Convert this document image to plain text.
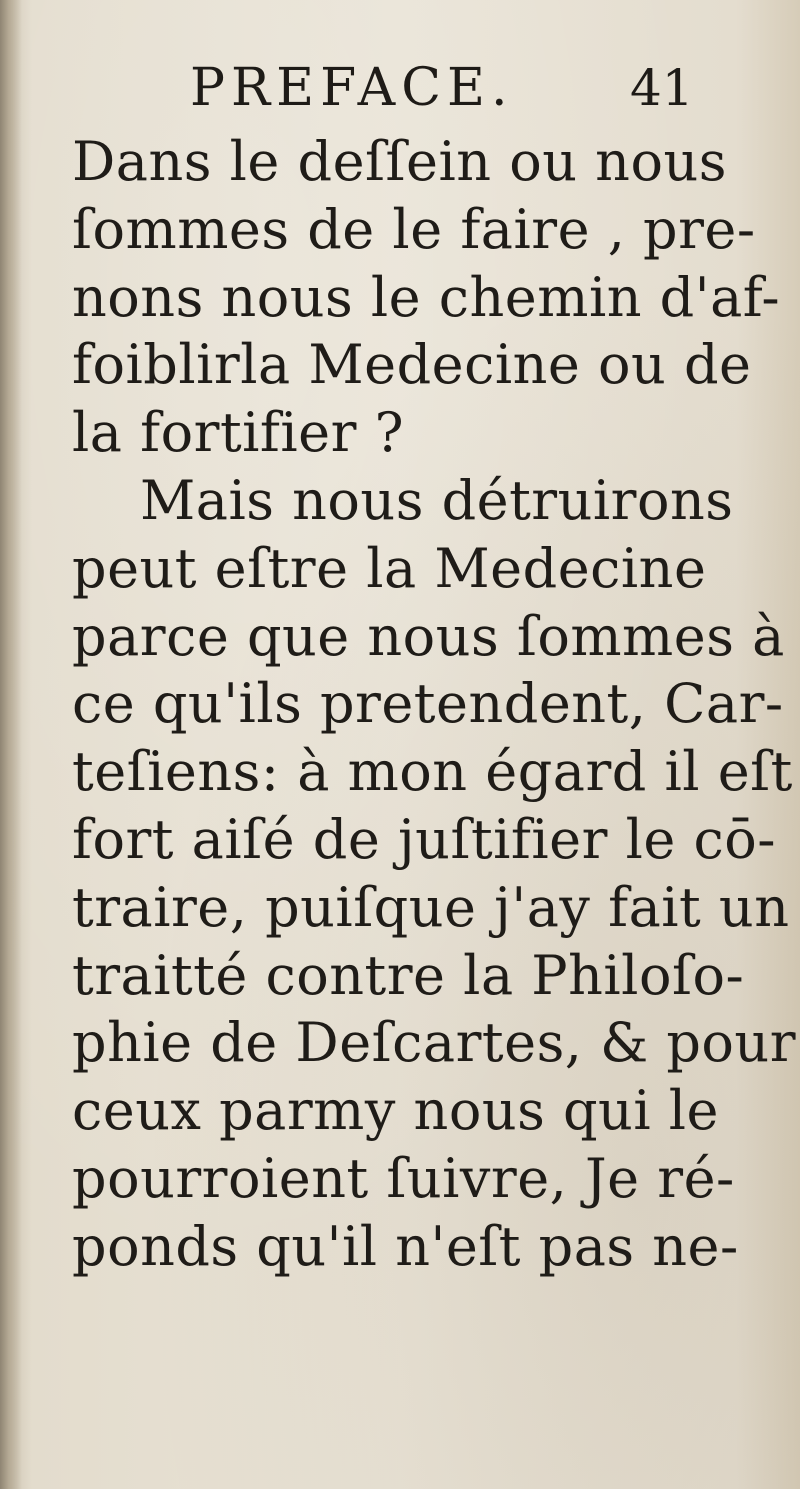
PREFACE. 41
Dans le deſſein ou nous
ſommes de le faire , pre-
nons nous le chemin d'af-
foiblirla Medecine ou de
la fortifier ?
Mais nous détruirons
peut eſtre la Medecine
parce que nous ſommes à
ce qu'ils pretendent, Car-
teſiens: à mon égard il eſt
fort aiſé de juſtifier le cō-
traire, puiſque j'ay fait un
traitté contre la Philoſo-
phie de Deſcartes, & pour
ceux parmy nous qui le
pourroient ſuivre, Je ré-
ponds qu'il n'eſt pas ne-
